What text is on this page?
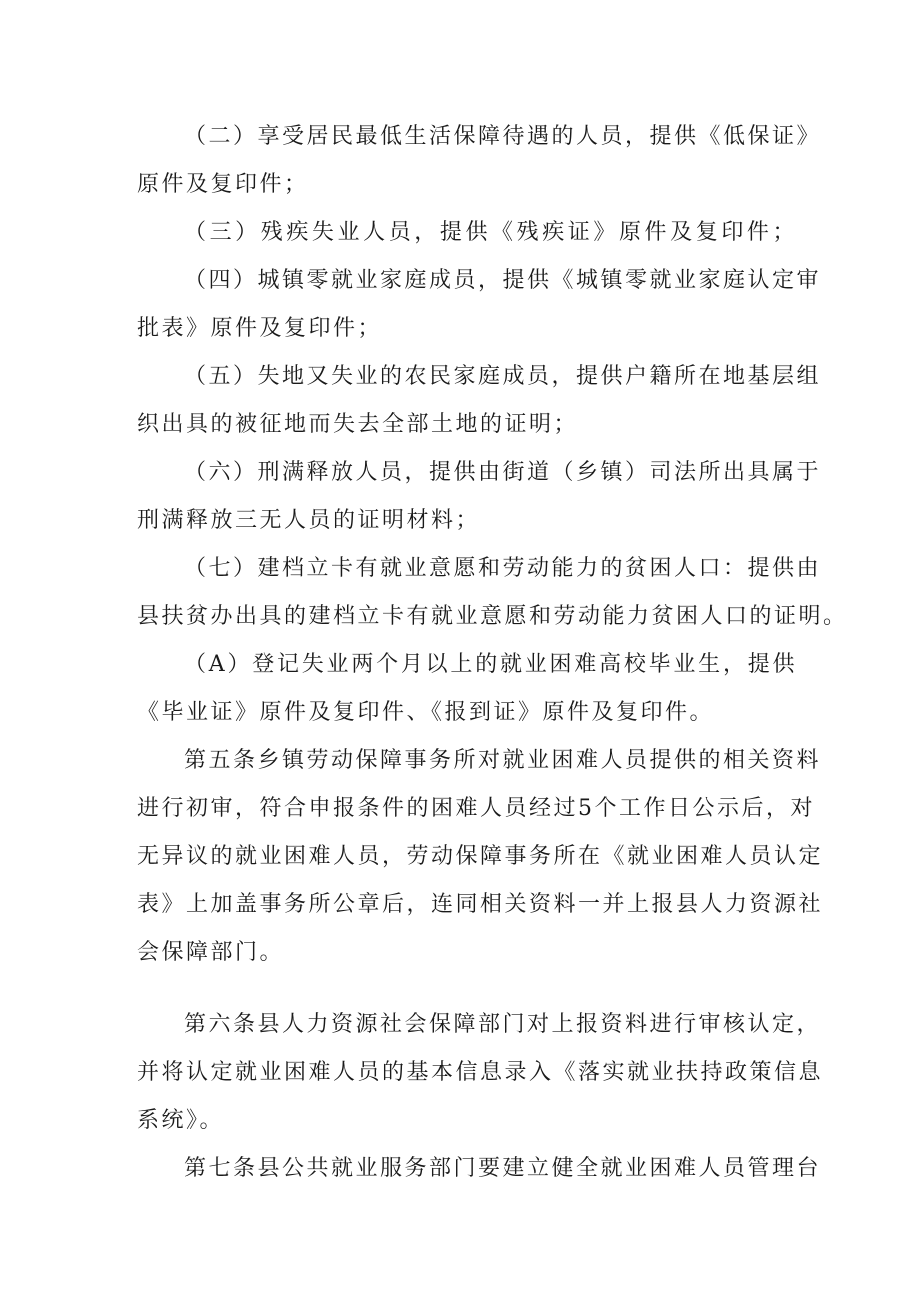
（二）享受居民最低生活保障待遇的人员，提供《低保证》
原件及复印件；
（三）残疾失业人员，提供《残疾证》原件及复印件；
（四）城镇零就业家庭成员，提供《城镇零就业家庭认定审
批表》原件及复印件；
（五）失地又失业的农民家庭成员，提供户籍所在地基层组
织出具的被征地而失去全部土地的证明；
（六）刑满释放人员，提供由街道（乡镇）司法所出具属于
刑满释放三无人员的证明材料；
（七）建档立卡有就业意愿和劳动能力的贫困人口：提供由
县扶贫办出具的建档立卡有就业意愿和劳动能力贫困人口的证明。
（A）登记失业两个月以上的就业困难高校毕业生，提供
《毕业证》原件及复印件、《报到证》原件及复印件。
第五条乡镇劳动保障事务所对就业困难人员提供的相关资料
进行初审，符合申报条件的困难人员经过5个工作日公示后，对
无异议的就业困难人员，劳动保障事务所在《就业困难人员认定
表》上加盖事务所公章后，连同相关资料一并上报县人力资源社
会保障部门。
第六条县人力资源社会保障部门对上报资料进行审核认定，
并将认定就业困难人员的基本信息录入《落实就业扶持政策信息
系统》。
第七条县公共就业服务部门要建立健全就业困难人员管理台
